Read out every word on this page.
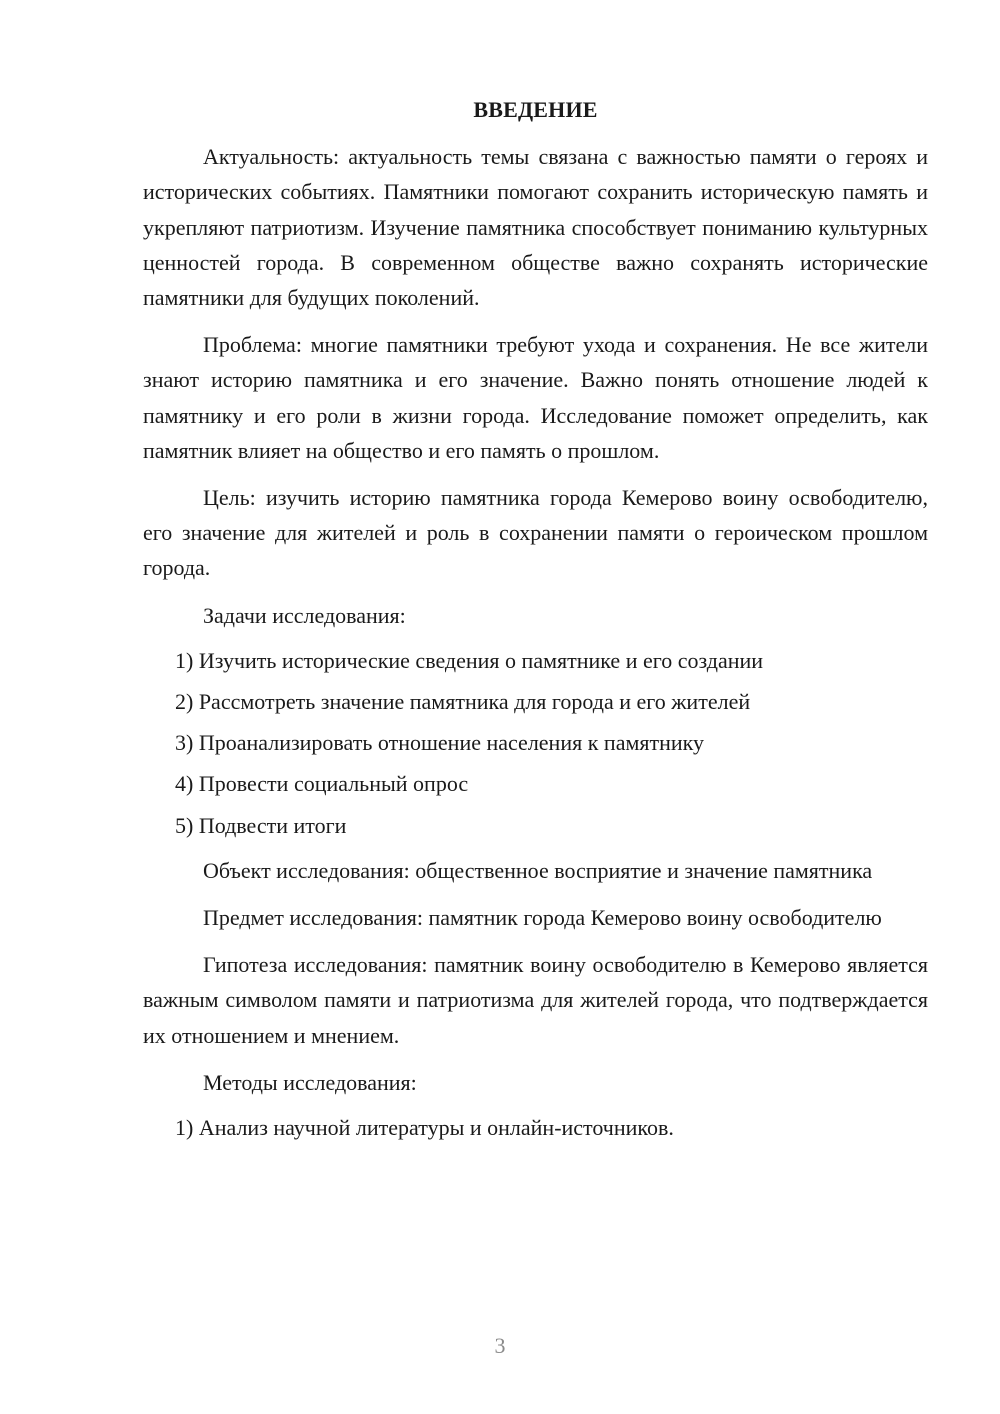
ВВЕДЕНИЕ

Актуальность: актуальность темы связана с важностью памяти о героях и исторических событиях. Памятники помогают сохранить историческую память и укрепляют патриотизм. Изучение памятника способствует пониманию культурных ценностей города. В современном обществе важно сохранять исторические памятники для будущих поколений.

Проблема: многие памятники требуют ухода и сохранения. Не все жители знают историю памятника и его значение. Важно понять отношение людей к памятнику и его роли в жизни города. Исследование поможет определить, как памятник влияет на общество и его память о прошлом.

Цель: изучить историю памятника города Кемерово воину освободителю, его значение для жителей и роль в сохранении памяти о героическом прошлом города.

Задачи исследования:

1) Изучить исторические сведения о памятнике и его создании
2) Рассмотреть значение памятника для города и его жителей
3) Проанализировать отношение населения к памятнику
4) Провести социальный опрос
5) Подвести итоги

Объект исследования: общественное восприятие и значение памятника

Предмет исследования: памятник города Кемерово воину освободителю

Гипотеза исследования: памятник воину освободителю в Кемерово является важным символом памяти и патриотизма для жителей города, что подтверждается их отношением и мнением.

Методы исследования:

1) Анализ научной литературы и онлайн-источников.
3
